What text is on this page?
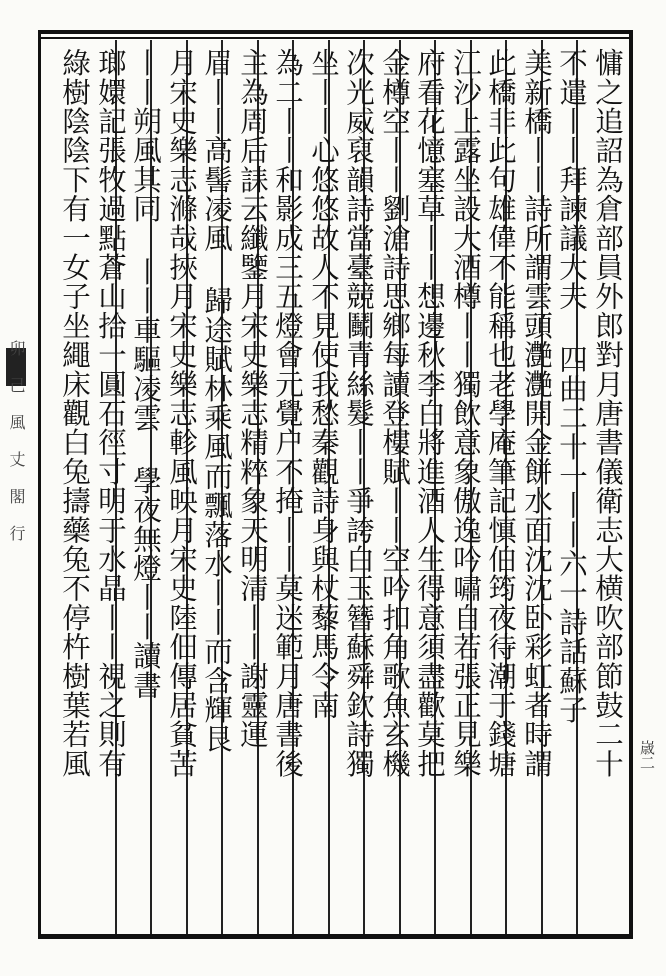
卯 己 風 丈 閣 行	慵之追詔為倉部員外郎對月唐書儀衛志大横吹部節鼓二十
不遣丨丨拜諫議大夫 四曲二十一丨丨六一詩話蘇子
美新橋丨丨詩所謂雲頭灔灔開金餅水面沈沈卧彩虹者時謂
此橋非此句雄偉不能稱也老學庵筆記慎伯筠夜待潮于錢塘
江沙上露坐設大酒樽丨丨獨飲意象傲逸吟嘯自若張正見樂
府看花憶塞草丨丨想邊秋李白將進酒人生得意須盡歡莫把
金樽空丨丨劉滄詩思鄉每讀登樓賦丨丨空吟扣角歌魚玄機
次光威裒韻詩當臺競鬭青絲髮丨丨爭誇白玉簪蘇舜欽詩獨
坐丨丨心悠悠故人不見使我愁秦觀詩身與杖藜馬令南
為二丨丨和影成三五燈會元覺户不掩丨丨莫迷範月唐書後
主為周后誄云纖鑒月宋史樂志精粹象天明清丨丨謝靈運
眉丨丨高髻凌風 歸途賦林乘風而飄落水丨丨而含輝艮
月宋史樂志滌哉挾月宋史樂志軫風映月宋史陸佃傳居貧苦
丨丨朔風其同 丨丨車驅凌雲 學夜無燈丨丨讀書
瑯嬛記張牧過點蒼山拾一圓石徑寸明于水晶丨丨視之則有
綠樹陰陰下有一女子坐繩床觀白兔擣藥兔不停杵樹葉若風	𡻕二
